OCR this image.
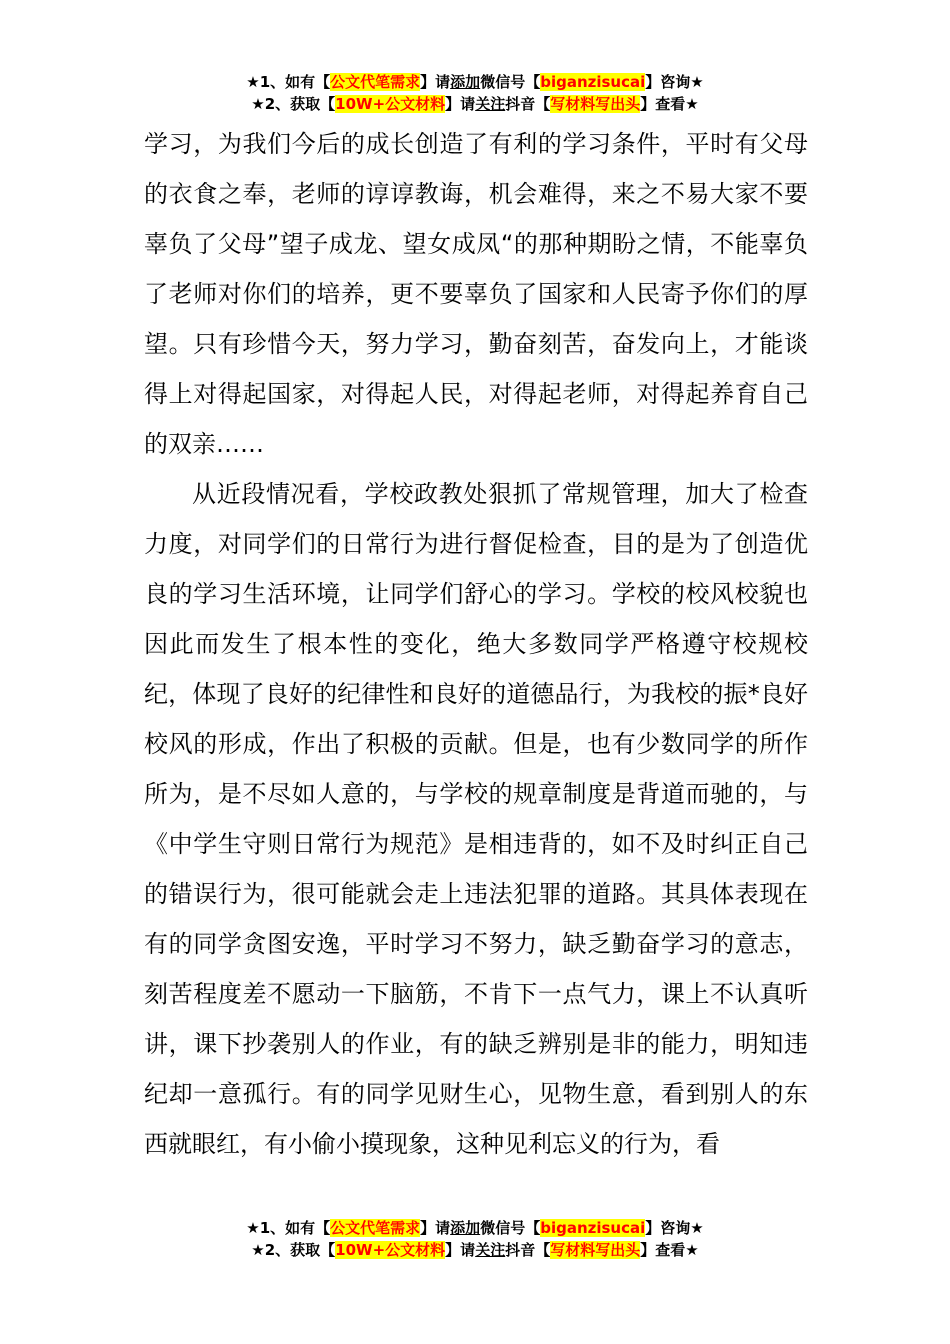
★1、如有【公文代笔需求】请添加微信号【biganzisucai】咨询★
★2、获取【10W+公文材料】请关注抖音【写材料写出头】查看★

学习，为我们今后的成长创造了有利的学习条件，平时有父母的衣食之奉，老师的谆谆教诲，机会难得，来之不易大家不要辜负了父母”望子成龙、望女成凤“的那种期盼之情，不能辜负了老师对你们的培养，更不要辜负了国家和人民寄予你们的厚望。只有珍惜今天，努力学习，勤奋刻苦，奋发向上，才能谈得上对得起国家，对得起人民，对得起老师，对得起养育自己的双亲……

从近段情况看，学校政教处狠抓了常规管理，加大了检查力度，对同学们的日常行为进行督促检查，目的是为了创造优良的学习生活环境，让同学们舒心的学习。学校的校风校貌也因此而发生了根本性的变化，绝大多数同学严格遵守校规校纪，体现了良好的纪律性和良好的道德品行，为我校的振*良好校风的形成，作出了积极的贡献。但是，也有少数同学的所作所为，是不尽如人意的，与学校的规章制度是背道而驰的，与《中学生守则日常行为规范》是相违背的，如不及时纠正自己的错误行为，很可能就会走上违法犯罪的道路。其具体表现在有的同学贪图安逸，平时学习不努力，缺乏勤奋学习的意志，刻苦程度差不愿动一下脑筋，不肯下一点气力，课上不认真听讲，课下抄袭别人的作业，有的缺乏辨别是非的能力，明知违纪却一意孤行。有的同学见财生心，见物生意，看到别人的东西就眼红，有小偷小摸现象，这种见利忘义的行为，看

★1、如有【公文代笔需求】请添加微信号【biganzisucai】咨询★
★2、获取【10W+公文材料】请关注抖音【写材料写出头】查看★
